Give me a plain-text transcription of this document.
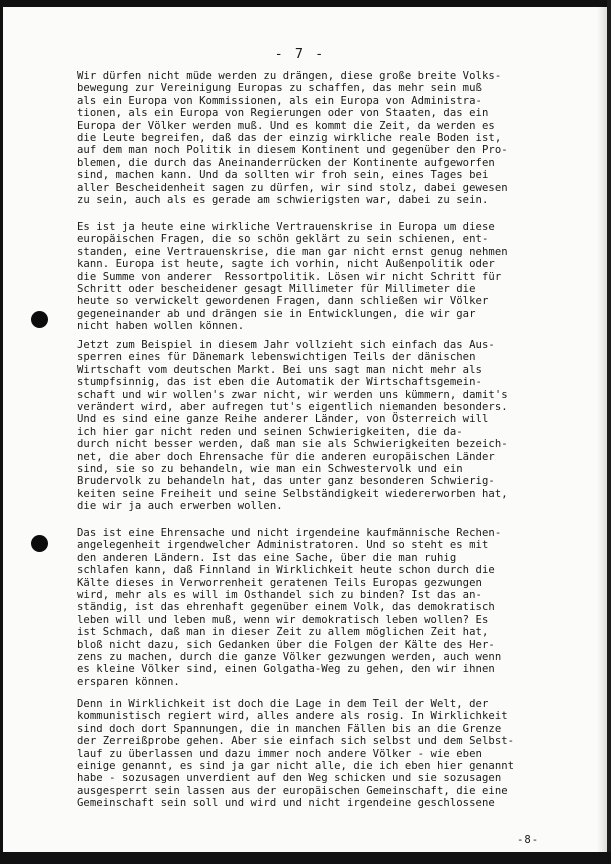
- 7 -
Wir dürfen nicht müde werden zu drängen, diese große breite Volks-
bewegung zur Vereinigung Europas zu schaffen, das mehr sein muß
als ein Europa von Kommissionen, als ein Europa von Administra-
tionen, als ein Europa von Regierungen oder von Staaten, das ein
Europa der Völker werden muß. Und es kommt die Zeit, da werden es
die Leute begreifen, daß das der einzig wirkliche reale Boden ist,
auf dem man noch Politik in diesem Kontinent und gegenüber den Pro-
blemen, die durch das Aneinanderrücken der Kontinente aufgeworfen
sind, machen kann. Und da sollten wir froh sein, eines Tages bei
aller Bescheidenheit sagen zu dürfen, wir sind stolz, dabei gewesen
zu sein, auch als es gerade am schwierigsten war, dabei zu sein.
Es ist ja heute eine wirkliche Vertrauenskrise in Europa um diese
europäischen Fragen, die so schön geklärt zu sein schienen, ent-
standen, eine Vertrauenskrise, die man gar nicht ernst genug nehmen
kann. Europa ist heute, sagte ich vorhin, nicht Außenpolitik oder
die Summe von anderer  Ressortpolitik. Lösen wir nicht Schritt für
Schritt oder bescheidener gesagt Millimeter für Millimeter die
heute so verwickelt gewordenen Fragen, dann schließen wir Völker
gegeneinander ab und drängen sie in Entwicklungen, die wir gar
nicht haben wollen können.
Jetzt zum Beispiel in diesem Jahr vollzieht sich einfach das Aus-
sperren eines für Dänemark lebenswichtigen Teils der dänischen
Wirtschaft vom deutschen Markt. Bei uns sagt man nicht mehr als
stumpfsinnig, das ist eben die Automatik der Wirtschaftsgemein-
schaft und wir wollen's zwar nicht, wir werden uns kümmern, damit's
verändert wird, aber aufregen tut's eigentlich niemanden besonders.
Und es sind eine ganze Reihe anderer Länder, von Österreich will
ich hier gar nicht reden und seinen Schwierigkeiten, die da-
durch nicht besser werden, daß man sie als Schwierigkeiten bezeich-
net, die aber doch Ehrensache für die anderen europäischen Länder
sind, sie so zu behandeln, wie man ein Schwestervolk und ein
Brudervolk zu behandeln hat, das unter ganz besonderen Schwierig-
keiten seine Freiheit und seine Selbständigkeit wiedererworben hat,
die wir ja auch erwerben wollen.
Das ist eine Ehrensache und nicht irgendeine kaufmännische Rechen-
angelegenheit irgendwelcher Administratoren. Und so steht es mit
den anderen Ländern. Ist das eine Sache, über die man ruhig
schlafen kann, daß Finnland in Wirklichkeit heute schon durch die
Kälte dieses in Verworrenheit geratenen Teils Europas gezwungen
wird, mehr als es will im Osthandel sich zu binden? Ist das an-
ständig, ist das ehrenhaft gegenüber einem Volk, das demokratisch
leben will und leben muß, wenn wir demokratisch leben wollen? Es
ist Schmach, daß man in dieser Zeit zu allem möglichen Zeit hat,
bloß nicht dazu, sich Gedanken über die Folgen der Kälte des Her-
zens zu machen, durch die ganze Völker gezwungen werden, auch wenn
es kleine Völker sind, einen Golgatha-Weg zu gehen, den wir ihnen
ersparen können.
Denn in Wirklichkeit ist doch die Lage in dem Teil der Welt, der
kommunistisch regiert wird, alles andere als rosig. In Wirklichkeit
sind doch dort Spannungen, die in manchen Fällen bis an die Grenze
der Zerreißprobe gehen. Aber sie einfach sich selbst und dem Selbst-
lauf zu überlassen und dazu immer noch andere Völker - wie eben
einige genannt, es sind ja gar nicht alle, die ich eben hier genannt
habe - sozusagen unverdient auf den Weg schicken und sie sozusagen
ausgesperrt sein lassen aus der europäischen Gemeinschaft, die eine
Gemeinschaft sein soll und wird und nicht irgendeine geschlossene
-8-
